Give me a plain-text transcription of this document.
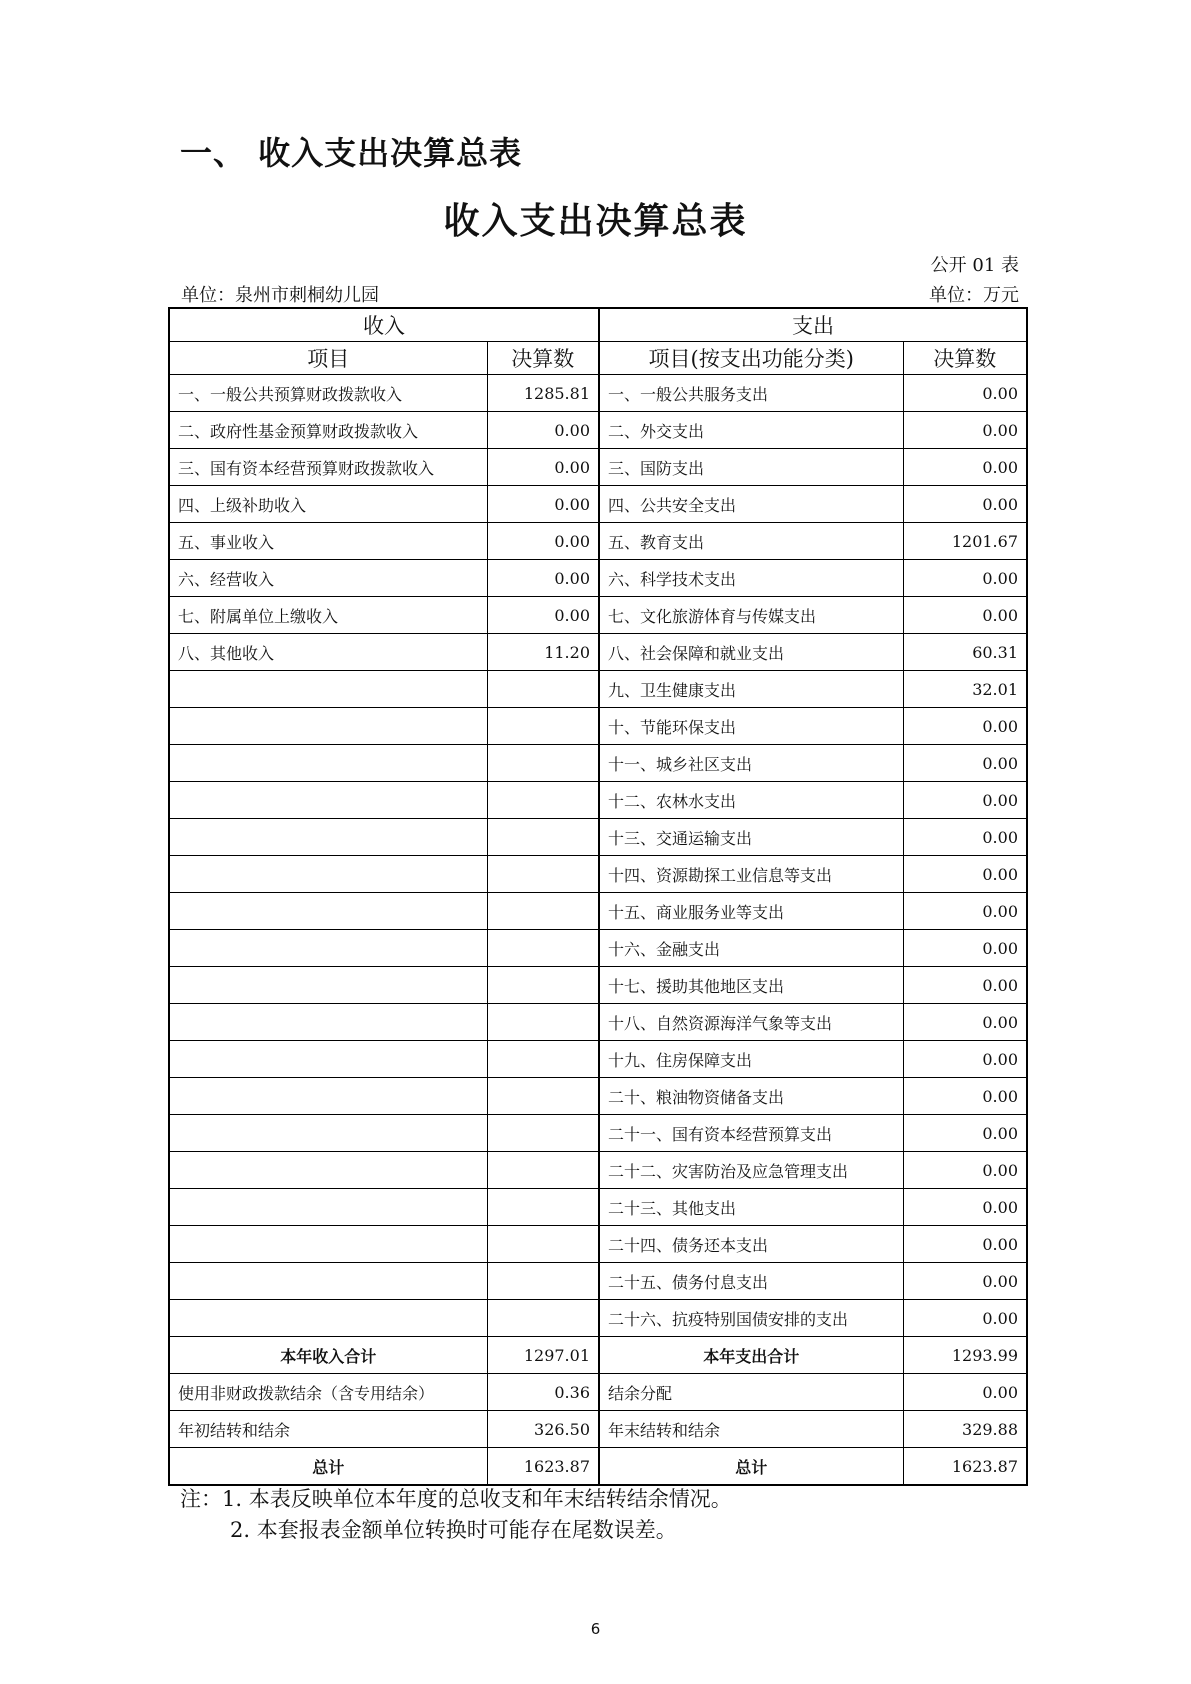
一、 收入支出决算总表
收入支出决算总表
公开 01 表
单位：泉州市刺桐幼儿园	单位：万元
收入		支出	
项目	决算数	项目(按支出功能分类)	决算数
一、一般公共预算财政拨款收入	1285.81	一、一般公共服务支出	0.00
二、政府性基金预算财政拨款收入	0.00	二、外交支出	0.00
三、国有资本经营预算财政拨款收入	0.00	三、国防支出	0.00
四、上级补助收入	0.00	四、公共安全支出	0.00
五、事业收入	0.00	五、教育支出	1201.67
六、经营收入	0.00	六、科学技术支出	0.00
七、附属单位上缴收入	0.00	七、文化旅游体育与传媒支出	0.00
八、其他收入	11.20	八、社会保障和就业支出	60.31
		九、卫生健康支出	32.01
		十、节能环保支出	0.00
		十一、城乡社区支出	0.00
		十二、农林水支出	0.00
		十三、交通运输支出	0.00
		十四、资源勘探工业信息等支出	0.00
		十五、商业服务业等支出	0.00
		十六、金融支出	0.00
		十七、援助其他地区支出	0.00
		十八、自然资源海洋气象等支出	0.00
		十九、住房保障支出	0.00
		二十、粮油物资储备支出	0.00
		二十一、国有资本经营预算支出	0.00
		二十二、灾害防治及应急管理支出	0.00
		二十三、其他支出	0.00
		二十四、债务还本支出	0.00
		二十五、债务付息支出	0.00
		二十六、抗疫特别国债安排的支出	0.00
本年收入合计	1297.01	本年支出合计	1293.99
使用非财政拨款结余（含专用结余）	0.36	结余分配	0.00
年初结转和结余	326.50	年末结转和结余	329.88
总计	1623.87	总计	1623.87
注：1. 本表反映单位本年度的总收支和年末结转结余情况。
2. 本套报表金额单位转换时可能存在尾数误差。
6
